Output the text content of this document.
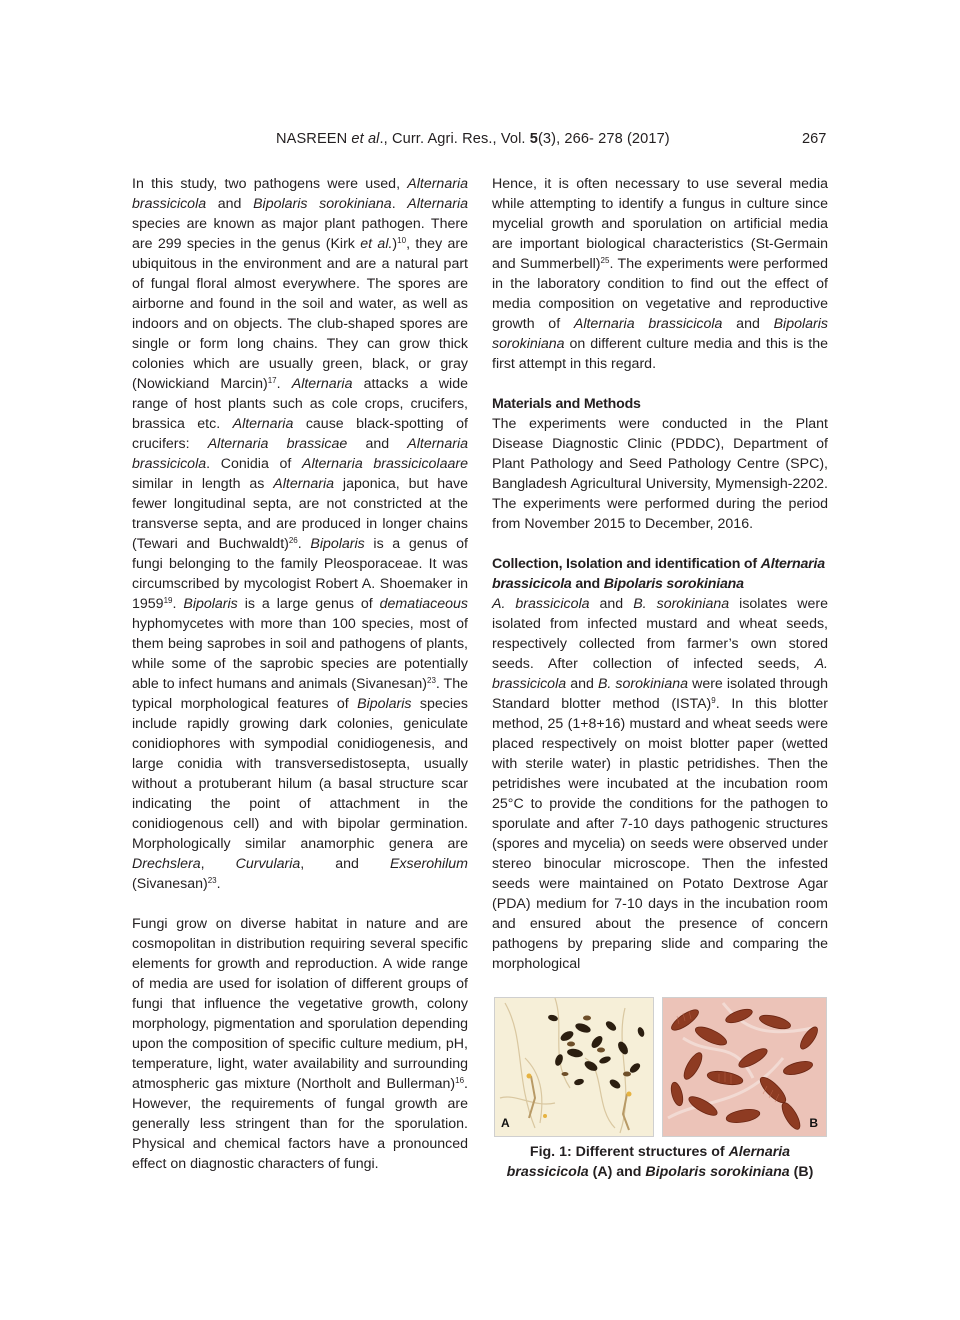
NASREEN et al., Curr. Agri. Res., Vol. 5(3), 266- 278 (2017)	267

In this study, two pathogens were used, Alternaria brassicicola and Bipolaris sorokiniana. Alternaria species are known as major plant pathogen. There are 299 species in the genus (Kirk et al.)$^{10}$, they are ubiquitous in the environment and are a natural part of fungal floral almost everywhere. The spores are airborne and found in the soil and water, as well as indoors and on objects. The club-shaped spores are single or form long chains. They can grow thick colonies which are usually green, black, or gray (Nowickiand Marcin)$^{17}$. Alternaria attacks a wide range of host plants such as cole crops, crucifers, brassica etc. Alternaria cause black-spotting of crucifers: Alternaria brassicae and Alternaria brassicicola. Conidia of Alternaria brassicicolaare similar in length as Alternaria japonica, but have fewer longitudinal septa, are not constricted at the transverse septa, and are produced in longer chains (Tewari and Buchwaldt)$^{26}$. Bipolaris is a genus of fungi belonging to the family Pleosporaceae. It was circumscribed by mycologist Robert A. Shoemaker in 1959$^{19}$. Bipolaris is a large genus of dematiaceous hyphomycetes with more than 100 species, most of them being saprobes in soil and pathogens of plants, while some of the saprobic species are potentially able to infect humans and animals (Sivanesan)$^{23}$. The typical morphological features of Bipolaris species include rapidly growing dark colonies, geniculate conidiophores with sympodial conidiogenesis, and large conidia with transversedistosepta, usually without a protuberant hilum (a basal structure scar indicating the point of attachment in the conidiogenous cell) and with bipolar germination. Morphologically similar anamorphic genera are Drechslera, Curvularia, and Exserohilum (Sivanesan)$^{23}$.

Fungi grow on diverse habitat in nature and are cosmopolitan in distribution requiring several specific elements for growth and reproduction. A wide range of media are used for isolation of different groups of fungi that influence the vegetative growth, colony morphology, pigmentation and sporulation depending upon the composition of specific culture medium, pH, temperature, light, water availability and surrounding atmospheric gas mixture (Northolt and Bullerman)$^{16}$. However, the requirements of fungal growth are generally less stringent than for the sporulation. Physical and chemical factors have a pronounced effect on diagnostic characters of fungi.

Hence, it is often necessary to use several media while attempting to identify a fungus in culture since mycelial growth and sporulation on artificial media are important biological characteristics (St-Germain and Summerbell)$^{25}$. The experiments were performed in the laboratory condition to find out the effect of media composition on vegetative and reproductive growth of Alternaria brassicicola and Bipolaris sorokiniana on different culture media and this is the first attempt in this regard.

Materials and Methods

The experiments were conducted in the Plant Disease Diagnostic Clinic (PDDC), Department of Plant Pathology and Seed Pathology Centre (SPC), Bangladesh Agricultural University, Mymensigh-2202. The experiments were performed during the period from November 2015 to December, 2016.

Collection, Isolation and identification of Alternaria brassicicola and Bipolaris sorokiniana

A. brassicicola and B. sorokiniana isolates were isolated from infected mustard and wheat seeds, respectively collected from farmer’s own stored seeds. After collection of infected seeds, A. brassicicola and B. sorokiniana were isolated through Standard blotter method (ISTA)$^9$. In this blotter method, 25 (1+8+16) mustard and wheat seeds were placed respectively on moist blotter paper (wetted with sterile water) in plastic petridishes. Then the petridishes were incubated at the incubation room 25°C to provide the conditions for the pathogen to sporulate and after 7-10 days pathogenic structures (spores and mycelia) on seeds were observed under stereo binocular microscope. Then the infested seeds were maintained on Potato Dextrose Agar (PDA) medium for 7-10 days in the incubation room and ensured about the presence of concern pathogens by preparing slide and comparing the morphological

A	B
Fig. 1: Different structures of Alernaria brassicicola (A) and Bipolaris sorokiniana (B)
